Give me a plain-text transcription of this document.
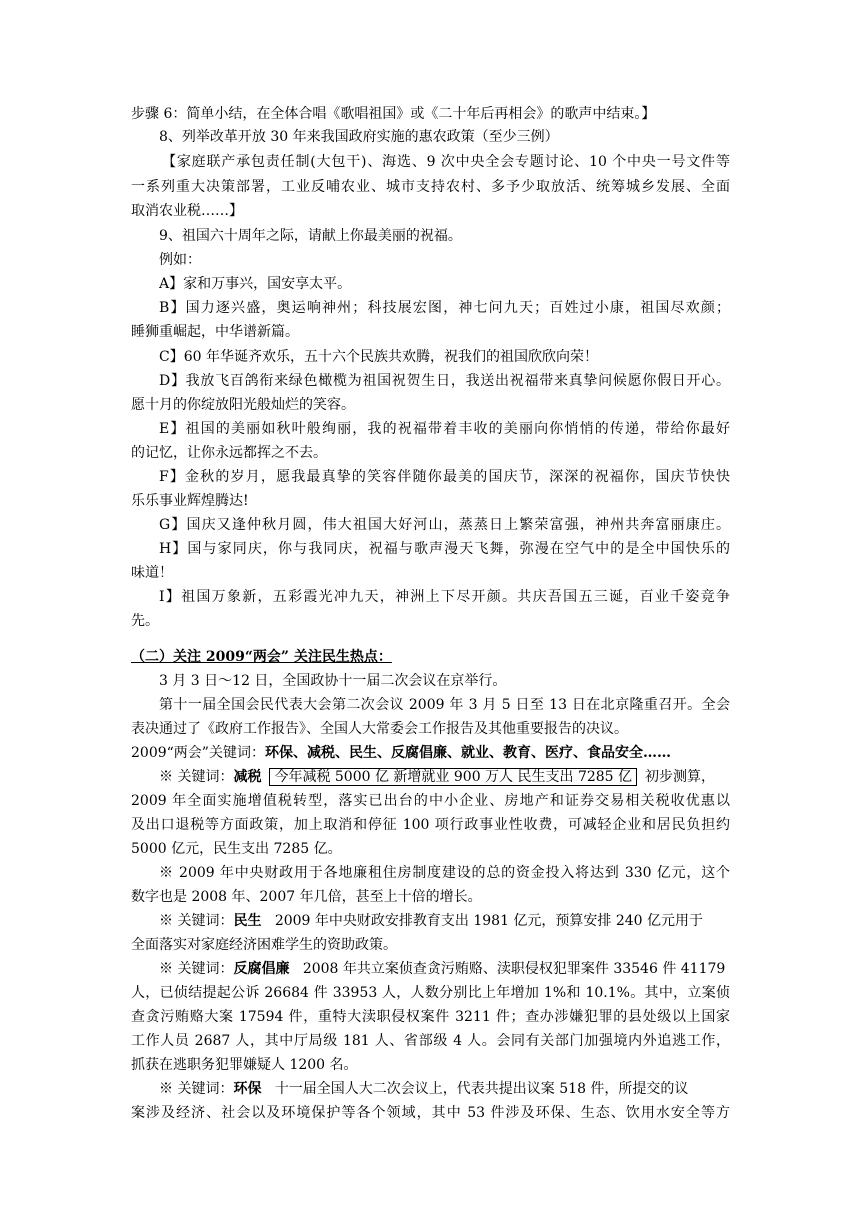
步骤 6：简单小结，在全体合唱《歌唱祖国》或《二十年后再相会》的歌声中结束。】
8、列举改革开放 30 年来我国政府实施的惠农政策（至少三例）
【家庭联产承包责任制(大包干)、海选、9 次中央全会专题讨论、10 个中央一号文件等
一系列重大决策部署，工业反哺农业、城市支持农村、多予少取放活、统筹城乡发展、全面
取消农业税……】
9、祖国六十周年之际，请献上你最美丽的祝福。
例如：
A】家和万事兴，国安享太平。
B】国力逐兴盛，奥运响神州；科技展宏图，神七问九天；百姓过小康，祖国尽欢颜；
睡狮重崛起，中华谱新篇。
C】60 年华诞齐欢乐，五十六个民族共欢腾，祝我们的祖国欣欣向荣！
D】我放飞百鸽衔来绿色橄榄为祖国祝贺生日，我送出祝福带来真挚问候愿你假日开心。
愿十月的你绽放阳光般灿烂的笑容。
E】祖国的美丽如秋叶般绚丽，我的祝福带着丰收的美丽向你悄悄的传递，带给你最好
的记忆，让你永远都挥之不去。
F】金秋的岁月，愿我最真挚的笑容伴随你最美的国庆节，深深的祝福你，国庆节快快
乐乐事业辉煌腾达!
G】国庆又逢仲秋月圆，伟大祖国大好河山，蒸蒸日上繁荣富强，神州共奔富丽康庄。
H】国与家同庆，你与我同庆，祝福与歌声漫天飞舞，弥漫在空气中的是全中国快乐的
味道！
I】祖国万象新，五彩霞光冲九天，神洲上下尽开颜。共庆吾国五三诞，百业千姿竞争
先。
（二）关注 2009“两会” 关注民生热点：
3 月 3 日～12 日，全国政协十一届二次会议在京举行。
第十一届全国会民代表大会第二次会议 2009 年 3 月 5 日至 13 日在北京隆重召开。全会
表决通过了《政府工作报告》、全国人大常委会工作报告及其他重要报告的决议。
2009“两会”关键词：环保、减税、民生、反腐倡廉、就业、教育、医疗、食品安全……
※ 关键词：减税 今年减税 5000 亿 新增就业 900 万人 民生支出 7285 亿 初步测算，
2009 年全面实施增值税转型，落实已出台的中小企业、房地产和证券交易相关税收优惠以
及出口退税等方面政策，加上取消和停征 100 项行政事业性收费，可减轻企业和居民负担约
5000 亿元，民生支出 7285 亿。
※ 2009 年中央财政用于各地廉租住房制度建设的总的资金投入将达到 330 亿元，这个
数字也是 2008 年、2007 年几倍，甚至上十倍的增长。
※ 关键词：民生 2009 年中央财政安排教育支出 1981 亿元，预算安排 240 亿元用于
全面落实对家庭经济困难学生的资助政策。
※ 关键词：反腐倡廉 2008 年共立案侦查贪污贿赂、渎职侵权犯罪案件 33546 件 41179
人，已侦结提起公诉 26684 件 33953 人，人数分别比上年增加 1%和 10.1%。其中，立案侦
查贪污贿赂大案 17594 件，重特大渎职侵权案件 3211 件；查办涉嫌犯罪的县处级以上国家
工作人员 2687 人，其中厅局级 181 人、省部级 4 人。会同有关部门加强境内外追逃工作，
抓获在逃职务犯罪嫌疑人 1200 名。
※ 关键词：环保 十一届全国人大二次会议上，代表共提出议案 518 件，所提交的议
案涉及经济、社会以及环境保护等各个领域，其中 53 件涉及环保、生态、饮用水安全等方
